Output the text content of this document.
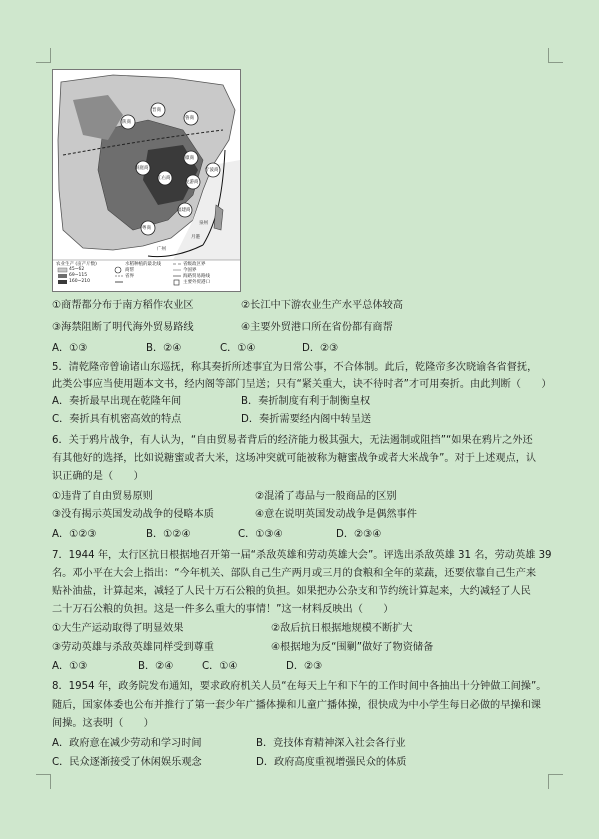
农业生产 (亩产斤数)
45~62
69~115
160~210
水稻种植的最北线
省界
商帮
省级政区界
今国界
海路贸易路线
主要外贸港口
晋商
陕商
鲁商
徽商
江右商
洞庭商
龙游商
宁波商
福建商
粤商
泉州
广州
月港
①商帮都分布于南方稻作农业区	②长江中下游农业生产水平总体较高
③海禁阻断了明代海外贸易路线	④主要外贸港口所在省份都有商帮
A．①③	B．②④	C．①④	D．②③
5．清乾隆帝曾谕诸山东巡抚，称其奏折所述事宜为日常公事，不合体制。此后，乾隆帝多次晓谕各省督抚，
此类公事应当使用题本文书，经内阁等部门呈送；只有“紧关重大，诀不待时者”才可用奏折。由此判断（　　）
A．奏折最早出现在乾隆年间	B．奏折制度有利于制衡皇权
C．奏折具有机密高效的特点	D．奏折需要经内阁中转呈送
6．关于鸦片战争，有人认为，“自由贸易者背后的经济能力极其强大，无法遏制或阻挡”“如果在鸦片之外还
有其他好的选择，比如说糖蜜或者大米，这场冲突就可能被称为糖蜜战争或者大米战争”。对于上述观点，认
识正确的是（　　）
①违背了自由贸易原则	②混淆了毒品与一般商品的区别
③没有揭示英国发动战争的侵略本质	④意在说明英国发动战争是偶然事件
A．①②③	B．①②④	C．①③④	D．②③④
7．1944 年，太行区抗日根据地召开第一届“杀敌英雄和劳动英雄大会”。评选出杀敌英雄 31 名，劳动英雄 39
名。邓小平在大会上指出：“今年机关、部队自己生产两月或三月的食粮和全年的菜蔬，还要依靠自己生产来
贴补油盐，计算起来，减轻了人民十万石公粮的负担。如果把办公杂支和节约统计算起来，大约减轻了人民
二十万石公粮的负担。这是一件多么重大的事情！”这一材料反映出（　　）
①大生产运动取得了明显效果	②敌后抗日根据地规模不断扩大
③劳动英雄与杀敌英雄同样受到尊重	④根据地为反“围剿”做好了物资储备
A．①③	B．②④	C．①④	D．②③
8．1954 年，政务院发布通知，要求政府机关人员“在每天上午和下午的工作时间中各抽出十分钟做工间操”。
随后，国家体委也公布并推行了第一套少年广播体操和儿童广播体操，很快成为中小学生每日必做的早操和课
间操。这表明（　　）
A．政府意在减少劳动和学习时间	B．竞技体育精神深入社会各行业
C．民众逐渐接受了休闲娱乐观念	D．政府高度重视增强民众的体质
